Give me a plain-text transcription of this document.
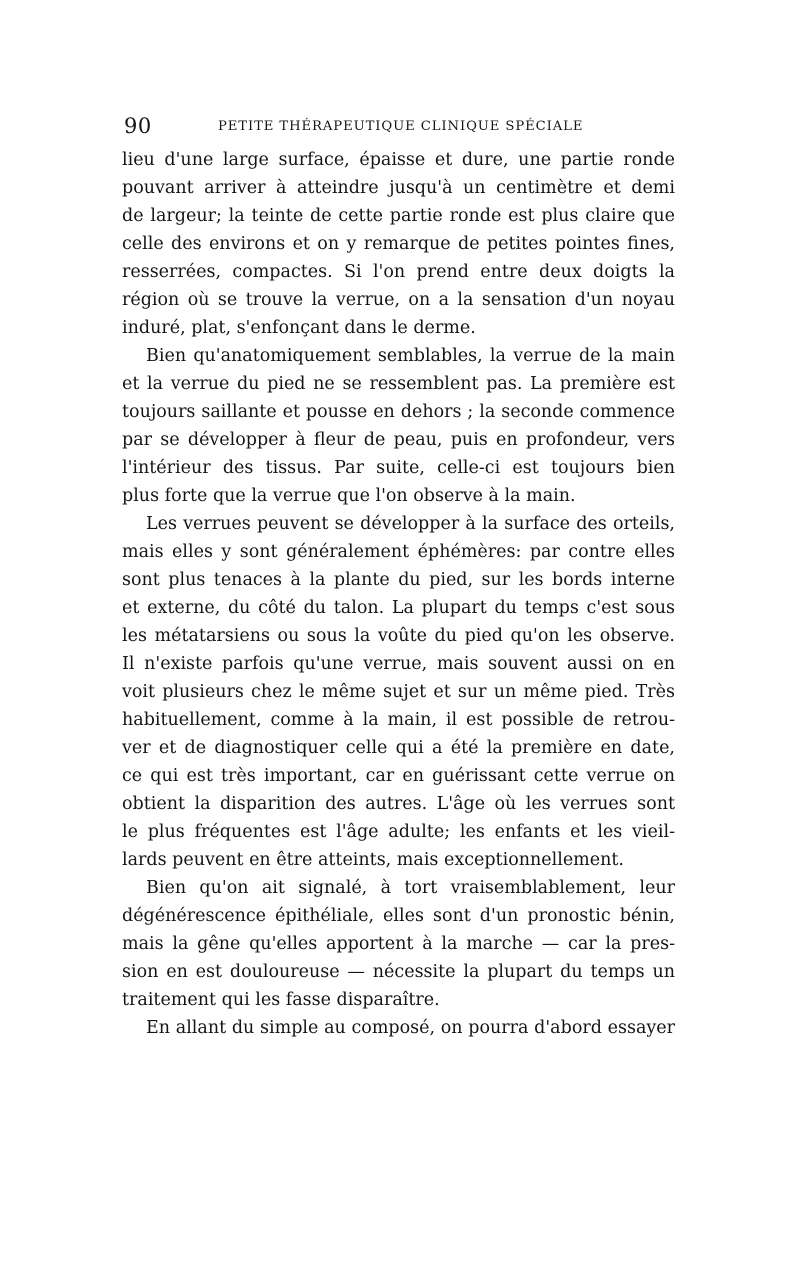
90	PETITE THÉRAPEUTIQUE CLINIQUE SPÉCIALE
lieu d'une large surface, épaisse et dure, une partie ronde
pouvant arriver à atteindre jusqu'à un centimètre et demi
de largeur; la teinte de cette partie ronde est plus claire que
celle des environs et on y remarque de petites pointes fines,
resserrées, compactes. Si l'on prend entre deux doigts la
région où se trouve la verrue, on a la sensation d'un noyau
induré, plat, s'enfonçant dans le derme.
Bien qu'anatomiquement semblables, la verrue de la main
et la verrue du pied ne se ressemblent pas. La première est
toujours saillante et pousse en dehors ; la seconde commence
par se développer à fleur de peau, puis en profondeur, vers
l'intérieur des tissus. Par suite, celle-ci est toujours bien
plus forte que la verrue que l'on observe à la main.
Les verrues peuvent se développer à la surface des orteils,
mais elles y sont généralement éphémères: par contre elles
sont plus tenaces à la plante du pied, sur les bords interne
et externe, du côté du talon. La plupart du temps c'est sous
les métatarsiens ou sous la voûte du pied qu'on les observe.
Il n'existe parfois qu'une verrue, mais souvent aussi on en
voit plusieurs chez le même sujet et sur un même pied. Très
habituellement, comme à la main, il est possible de retrou-
ver et de diagnostiquer celle qui a été la première en date,
ce qui est très important, car en guérissant cette verrue on
obtient la disparition des autres. L'âge où les verrues sont
le plus fréquentes est l'âge adulte; les enfants et les vieil-
lards peuvent en être atteints, mais exceptionnellement.
Bien qu'on ait signalé, à tort vraisemblablement, leur
dégénérescence épithéliale, elles sont d'un pronostic bénin,
mais la gêne qu'elles apportent à la marche — car la pres-
sion en est douloureuse — nécessite la plupart du temps un
traitement qui les fasse disparaître.
En allant du simple au composé, on pourra d'abord essayer
